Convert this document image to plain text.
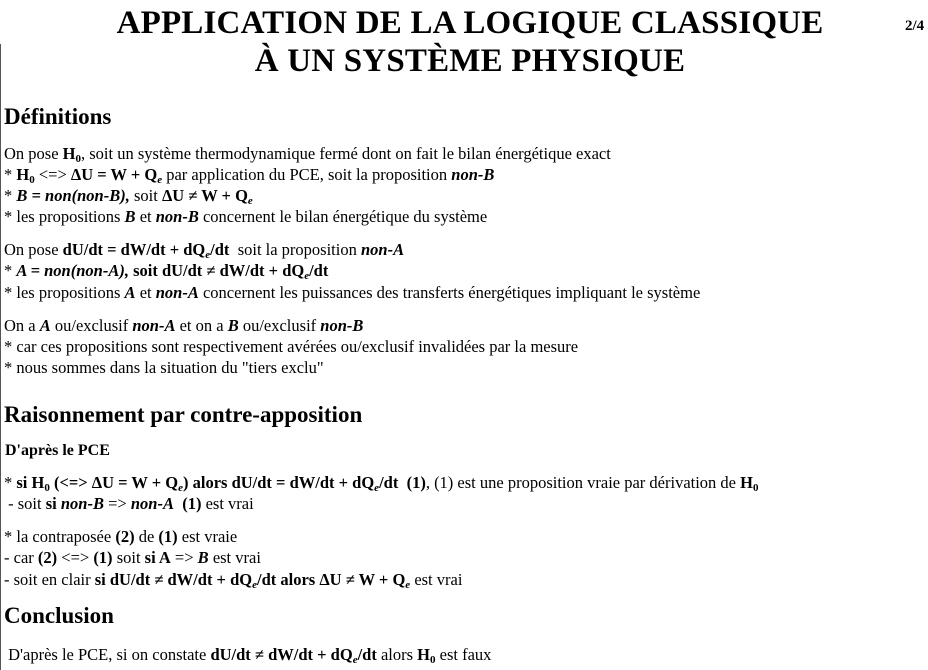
APPLICATION DE LA LOGIQUE CLASSIQUE
À UN SYSTÈME PHYSIQUE
2/4
Définitions
Raisonnement par contre-apposition
D'après le PCE
Conclusion
On pose $H_0$, soit un système thermodynamique fermé dont on fait le bilan énergétique exact
* $H_0$ <=> $\Delta U = W + Q_e$ par application du PCE, soit la proposition non-B
* B = non(non-B), soit $\Delta U \ne W + Q_e$
* les propositions B et non-B concernent le bilan énergétique du système
On pose $dU/dt = dW/dt + dQ_e/dt$  soit la proposition non-A
* A = non(non-A), soit $dU/dt \ne dW/dt + dQ_e/dt$
* les propositions A et non-A concernent les puissances des transferts énergétiques impliquant le système
On a A ou/exclusif non-A et on a B ou/exclusif non-B
* car ces propositions sont respectivement avérées ou/exclusif invalidées par la mesure
* nous sommes dans la situation du "tiers exclu"
* si $H_0$ (<=> $\Delta U = W + Q_e$) alors $dU/dt = dW/dt + dQ_e/dt$  (1), (1) est une proposition vraie par dérivation de $H_0$
- soit si non-B => non-A (1) est vrai
* la contraposée (2) de (1) est vraie
- car (2) <=> (1) soit si A => B est vrai
- soit en clair si $dU/dt \ne dW/dt + dQ_e/dt$ alors $\Delta U \ne W + Q_e$ est vrai
D'après le PCE, si on constate $dU/dt \ne dW/dt + dQ_e/dt$ alors $H_0$ est faux
